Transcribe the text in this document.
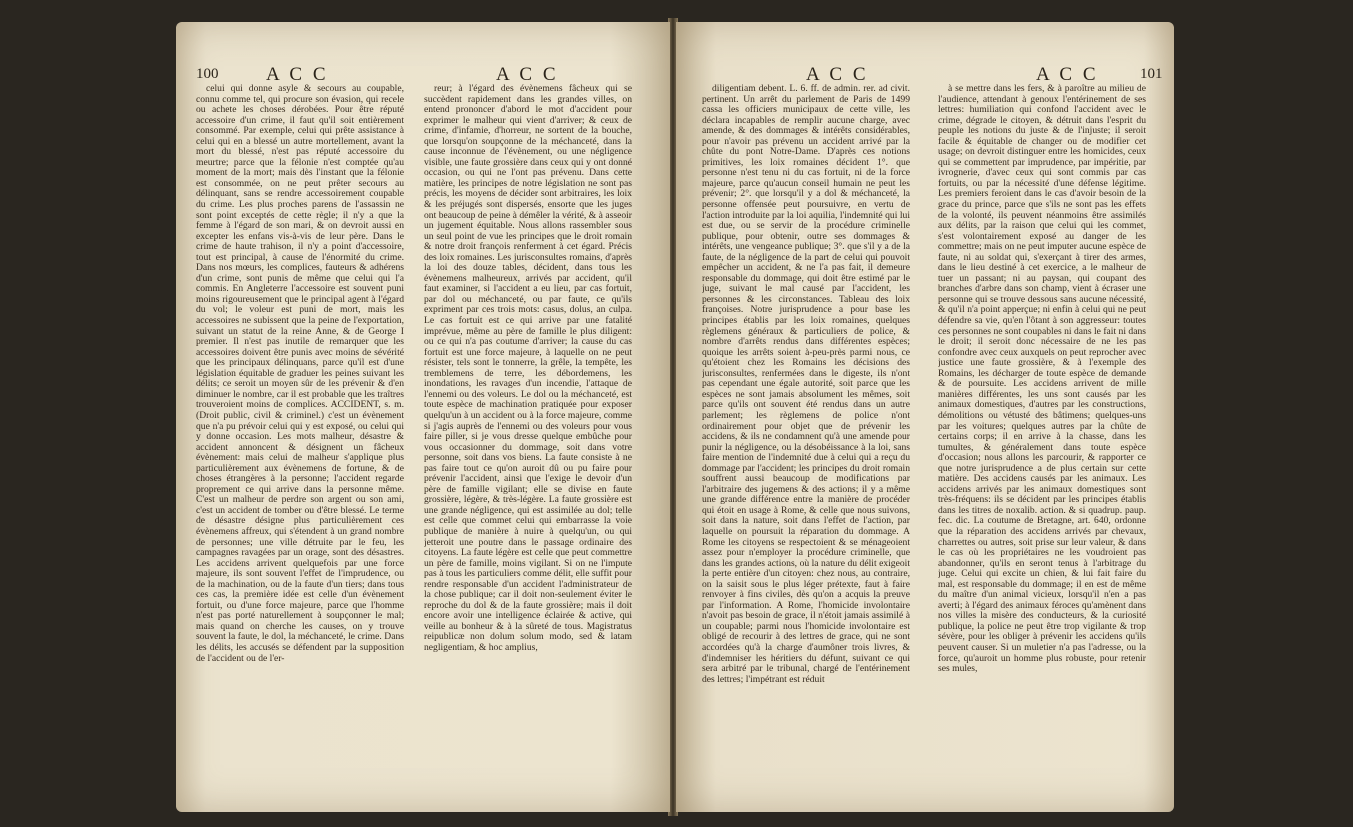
100	A C C	A C C

celui qui donne asyle & secours au coupable, connu comme tel, qui procure son évasion, qui recele ou achete les choses dérobées. Pour être réputé accessoire d'un crime, il faut qu'il soit entièrement consommé. Par exemple, celui qui prête assistance à celui qui en a blessé un autre mortellement, avant la mort du blessé, n'est pas réputé accessoire du meurtre; parce que la félonie n'est comptée qu'au moment de la mort; mais dès l'instant que la félonie est consommée, on ne peut prêter secours au délinquant, sans se rendre accessoirement coupable du crime. Les plus proches parens de l'assassin ne sont point exceptés de cette règle; il n'y a que la femme à l'égard de son mari, & on devroit aussi en excepter les enfans vis-à-vis de leur père. Dans le crime de haute trahison, il n'y a point d'accessoire, tout est principal, à cause de l'énormité du crime. Dans nos mœurs, les complices, fauteurs & adhérens d'un crime, sont punis de même que celui qui l'a commis. En Angleterre l'accessoire est souvent puni moins rigoureusement que le principal agent à l'égard du vol; le voleur est puni de mort, mais les accessoires ne subissent que la peine de l'exportation, suivant un statut de la reine Anne, & de George I premier. Il n'est pas inutile de remarquer que les accessoires doivent être punis avec moins de sévérité que les principaux délinquans, parce qu'il est d'une législation équitable de graduer les peines suivant les délits; ce seroit un moyen sûr de les prévenir & d'en diminuer le nombre, car il est probable que les traîtres trouveroient moins de complices. ACCIDENT, s. m. (Droit public, civil & criminel.) c'est un évènement que n'a pu prévoir celui qui y est exposé, ou celui qui y donne occasion. Les mots malheur, désastre & accident annoncent & désignent un fâcheux évènement: mais celui de malheur s'applique plus particulièrement aux évènemens de fortune, & de choses étrangères à la personne; l'accident regarde proprement ce qui arrive dans la personne même. C'est un malheur de perdre son argent ou son ami, c'est un accident de tomber ou d'être blessé. Le terme de désastre désigne plus particulièrement ces évènemens affreux, qui s'étendent à un grand nombre de personnes; une ville détruite par le feu, les campagnes ravagées par un orage, sont des désastres. Les accidens arrivent quelquefois par une force majeure, ils sont souvent l'effet de l'imprudence, ou de la machination, ou de la faute d'un tiers; dans tous ces cas, la première idée est celle d'un évènement fortuit, ou d'une force majeure, parce que l'homme n'est pas porté naturellement à soupçonner le mal; mais quand on cherche les causes, on y trouve souvent la faute, le dol, la méchanceté, le crime. Dans les délits, les accusés se défendent par la supposition de l'accident ou de l'er-

reur; à l'égard des évènemens fâcheux qui se succèdent rapidement dans les grandes villes, on entend prononcer d'abord le mot d'accident pour exprimer le malheur qui vient d'arriver; & ceux de crime, d'infamie, d'horreur, ne sortent de la bouche, que lorsqu'on soupçonne de la méchanceté, dans la cause inconnue de l'évènement, ou une négligence visible, une faute grossière dans ceux qui y ont donné occasion, ou qui ne l'ont pas prévenu. Dans cette matière, les principes de notre législation ne sont pas précis, les moyens de décider sont arbitraires, les loix & les préjugés sont dispersés, ensorte que les juges ont beaucoup de peine à démêler la vérité, & à asseoir un jugement équitable. Nous allons rassembler sous un seul point de vue les principes que le droit romain & notre droit françois renferment à cet égard. Précis des loix romaines. Les jurisconsultes romains, d'après la loi des douze tables, décident, dans tous les évènemens malheureux, arrivés par accident, qu'il faut examiner, si l'accident a eu lieu, par cas fortuit, par dol ou méchanceté, ou par faute, ce qu'ils expriment par ces trois mots: casus, dolus, an culpa. Le cas fortuit est ce qui arrive par une fatalité imprévue, même au père de famille le plus diligent: ou ce qui n'a pas coutume d'arriver; la cause du cas fortuit est une force majeure, à laquelle on ne peut résister, tels sont le tonnerre, la grêle, la tempête, les tremblemens de terre, les débordemens, les inondations, les ravages d'un incendie, l'attaque de l'ennemi ou des voleurs. Le dol ou la méchanceté, est toute espèce de machination pratiquée pour exposer quelqu'un à un accident ou à la force majeure, comme si j'agis auprès de l'ennemi ou des voleurs pour vous faire piller, si je vous dresse quelque embûche pour vous occasionner du dommage, soit dans votre personne, soit dans vos biens. La faute consiste à ne pas faire tout ce qu'on auroit dû ou pu faire pour prévenir l'accident, ainsi que l'exige le devoir d'un père de famille vigilant; elle se divise en faute grossière, légère, & très-légère. La faute grossière est une grande négligence, qui est assimilée au dol; telle est celle que commet celui qui embarrasse la voie publique de manière à nuire à quelqu'un, ou qui jetteroit une poutre dans le passage ordinaire des citoyens. La faute légère est celle que peut commettre un père de famille, moins vigilant. Si on ne l'impute pas à tous les particuliers comme délit, elle suffit pour rendre responsable d'un accident l'administrateur de la chose publique; car il doit non-seulement éviter le reproche du dol & de la faute grossière; mais il doit encore avoir une intelligence éclairée & active, qui veille au bonheur & à la sûreté de tous. Magistratus reipublicæ non dolum solum modo, sed & latam negligentiam, & hoc amplius,

A C C	A C C	101

diligentiam debent. L. 6. ff. de admin. rer. ad civit. pertinent. Un arrêt du parlement de Paris de 1499 cassa les officiers municipaux de cette ville, les déclara incapables de remplir aucune charge, avec amende, & des dommages & intérêts considérables, pour n'avoir pas prévenu un accident arrivé par la chûte du pont Notre-Dame. D'après ces notions primitives, les loix romaines décident 1°. que personne n'est tenu ni du cas fortuit, ni de la force majeure, parce qu'aucun conseil humain ne peut les prévenir; 2°. que lorsqu'il y a dol & méchanceté, la personne offensée peut poursuivre, en vertu de l'action introduite par la loi aquilia, l'indemnité qui lui est due, ou se servir de la procédure criminelle publique, pour obtenir, outre ses dommages & intérêts, une vengeance publique; 3°. que s'il y a de la faute, de la négligence de la part de celui qui pouvoit empêcher un accident, & ne l'a pas fait, il demeure responsable du dommage, qui doit être estimé par le juge, suivant le mal causé par l'accident, les personnes & les circonstances. Tableau des loix françoises. Notre jurisprudence a pour base les principes établis par les loix romaines, quelques règlemens généraux & particuliers de police, & nombre d'arrêts rendus dans différentes espèces; quoique les arrêts soient à-peu-près parmi nous, ce qu'étoient chez les Romains les décisions des jurisconsultes, renfermées dans le digeste, ils n'ont pas cependant une égale autorité, soit parce que les espèces ne sont jamais absolument les mêmes, soit parce qu'ils ont souvent été rendus dans un autre parlement; les règlemens de police n'ont ordinairement pour objet que de prévenir les accidens, & ils ne condamnent qu'à une amende pour punir la négligence, ou la désobéissance à la loi, sans faire mention de l'indemnité due à celui qui a reçu du dommage par l'accident; les principes du droit romain souffrent aussi beaucoup de modifications par l'arbitraire des jugemens & des actions; il y a même une grande différence entre la manière de procéder qui étoit en usage à Rome, & celle que nous suivons, soit dans la nature, soit dans l'effet de l'action, par laquelle on poursuit la réparation du dommage. A Rome les citoyens se respectoient & se ménageoient assez pour n'employer la procédure criminelle, que dans les grandes actions, où la nature du délit exigeoit la perte entière d'un citoyen: chez nous, au contraire, on la saisit sous le plus léger prétexte, faut à faire renvoyer à fins civiles, dès qu'on a acquis la preuve par l'information. A Rome, l'homicide involontaire n'avoit pas besoin de grace, il n'étoit jamais assimilé à un coupable; parmi nous l'homicide involontaire est obligé de recourir à des lettres de grace, qui ne sont accordées qu'à la charge d'aumôner trois livres, & d'indemniser les héritiers du défunt, suivant ce qui sera arbitré par le tribunal, chargé de l'entérinement des lettres; l'impétrant est réduit

à se mettre dans les fers, & à paroître au milieu de l'audience, attendant à genoux l'entérinement de ses lettres: humiliation qui confond l'accident avec le crime, dégrade le citoyen, & détruit dans l'esprit du peuple les notions du juste & de l'injuste; il seroit facile & équitable de changer ou de modifier cet usage; on devroit distinguer entre les homicides, ceux qui se commettent par imprudence, par impéritie, par ivrognerie, d'avec ceux qui sont commis par cas fortuits, ou par la nécessité d'une défense légitime. Les premiers feroient dans le cas d'avoir besoin de la grace du prince, parce que s'ils ne sont pas les effets de la volonté, ils peuvent néanmoins être assimilés aux délits, par la raison que celui qui les commet, s'est volontairement exposé au danger de les commettre; mais on ne peut imputer aucune espèce de faute, ni au soldat qui, s'exerçant à tirer des armes, dans le lieu destiné à cet exercice, a le malheur de tuer un passant; ni au paysan, qui coupant des branches d'arbre dans son champ, vient à écraser une personne qui se trouve dessous sans aucune nécessité, & qu'il n'a point apperçue; ni enfin à celui qui ne peut défendre sa vie, qu'en l'ôtant à son aggresseur: toutes ces personnes ne sont coupables ni dans le fait ni dans le droit; il seroit donc nécessaire de ne les pas confondre avec ceux auxquels on peut reprocher avec justice une faute grossière, & à l'exemple des Romains, les décharger de toute espèce de demande & de poursuite. Les accidens arrivent de mille manières différentes, les uns sont causés par les animaux domestiques, d'autres par les constructions, démolitions ou vétusté des bâtimens; quelques-uns par les voitures; quelques autres par la chûte de certains corps; il en arrive à la chasse, dans les tumultes, & généralement dans toute espèce d'occasion; nous allons les parcourir, & rapporter ce que notre jurisprudence a de plus certain sur cette matière. Des accidens causés par les animaux. Les accidens arrivés par les animaux domestiques sont très-fréquens: ils se décident par les principes établis dans les titres de noxalib. action. & si quadrup. paup. fec. dic. La coutume de Bretagne, art. 640, ordonne que la réparation des accidens arrivés par chevaux, charrettes ou autres, soit prise sur leur valeur, & dans le cas où les propriétaires ne les voudroient pas abandonner, qu'ils en seront tenus à l'arbitrage du juge. Celui qui excite un chien, & lui fait faire du mal, est responsable du dommage; il en est de même du maître d'un animal vicieux, lorsqu'il n'en a pas averti; à l'égard des animaux féroces qu'amènent dans nos villes la misère des conducteurs, & la curiosité publique, la police ne peut être trop vigilante & trop sévère, pour les obliger à prévenir les accidens qu'ils peuvent causer. Si un muletier n'a pas l'adresse, ou la force, qu'auroit un homme plus robuste, pour retenir ses mules,
